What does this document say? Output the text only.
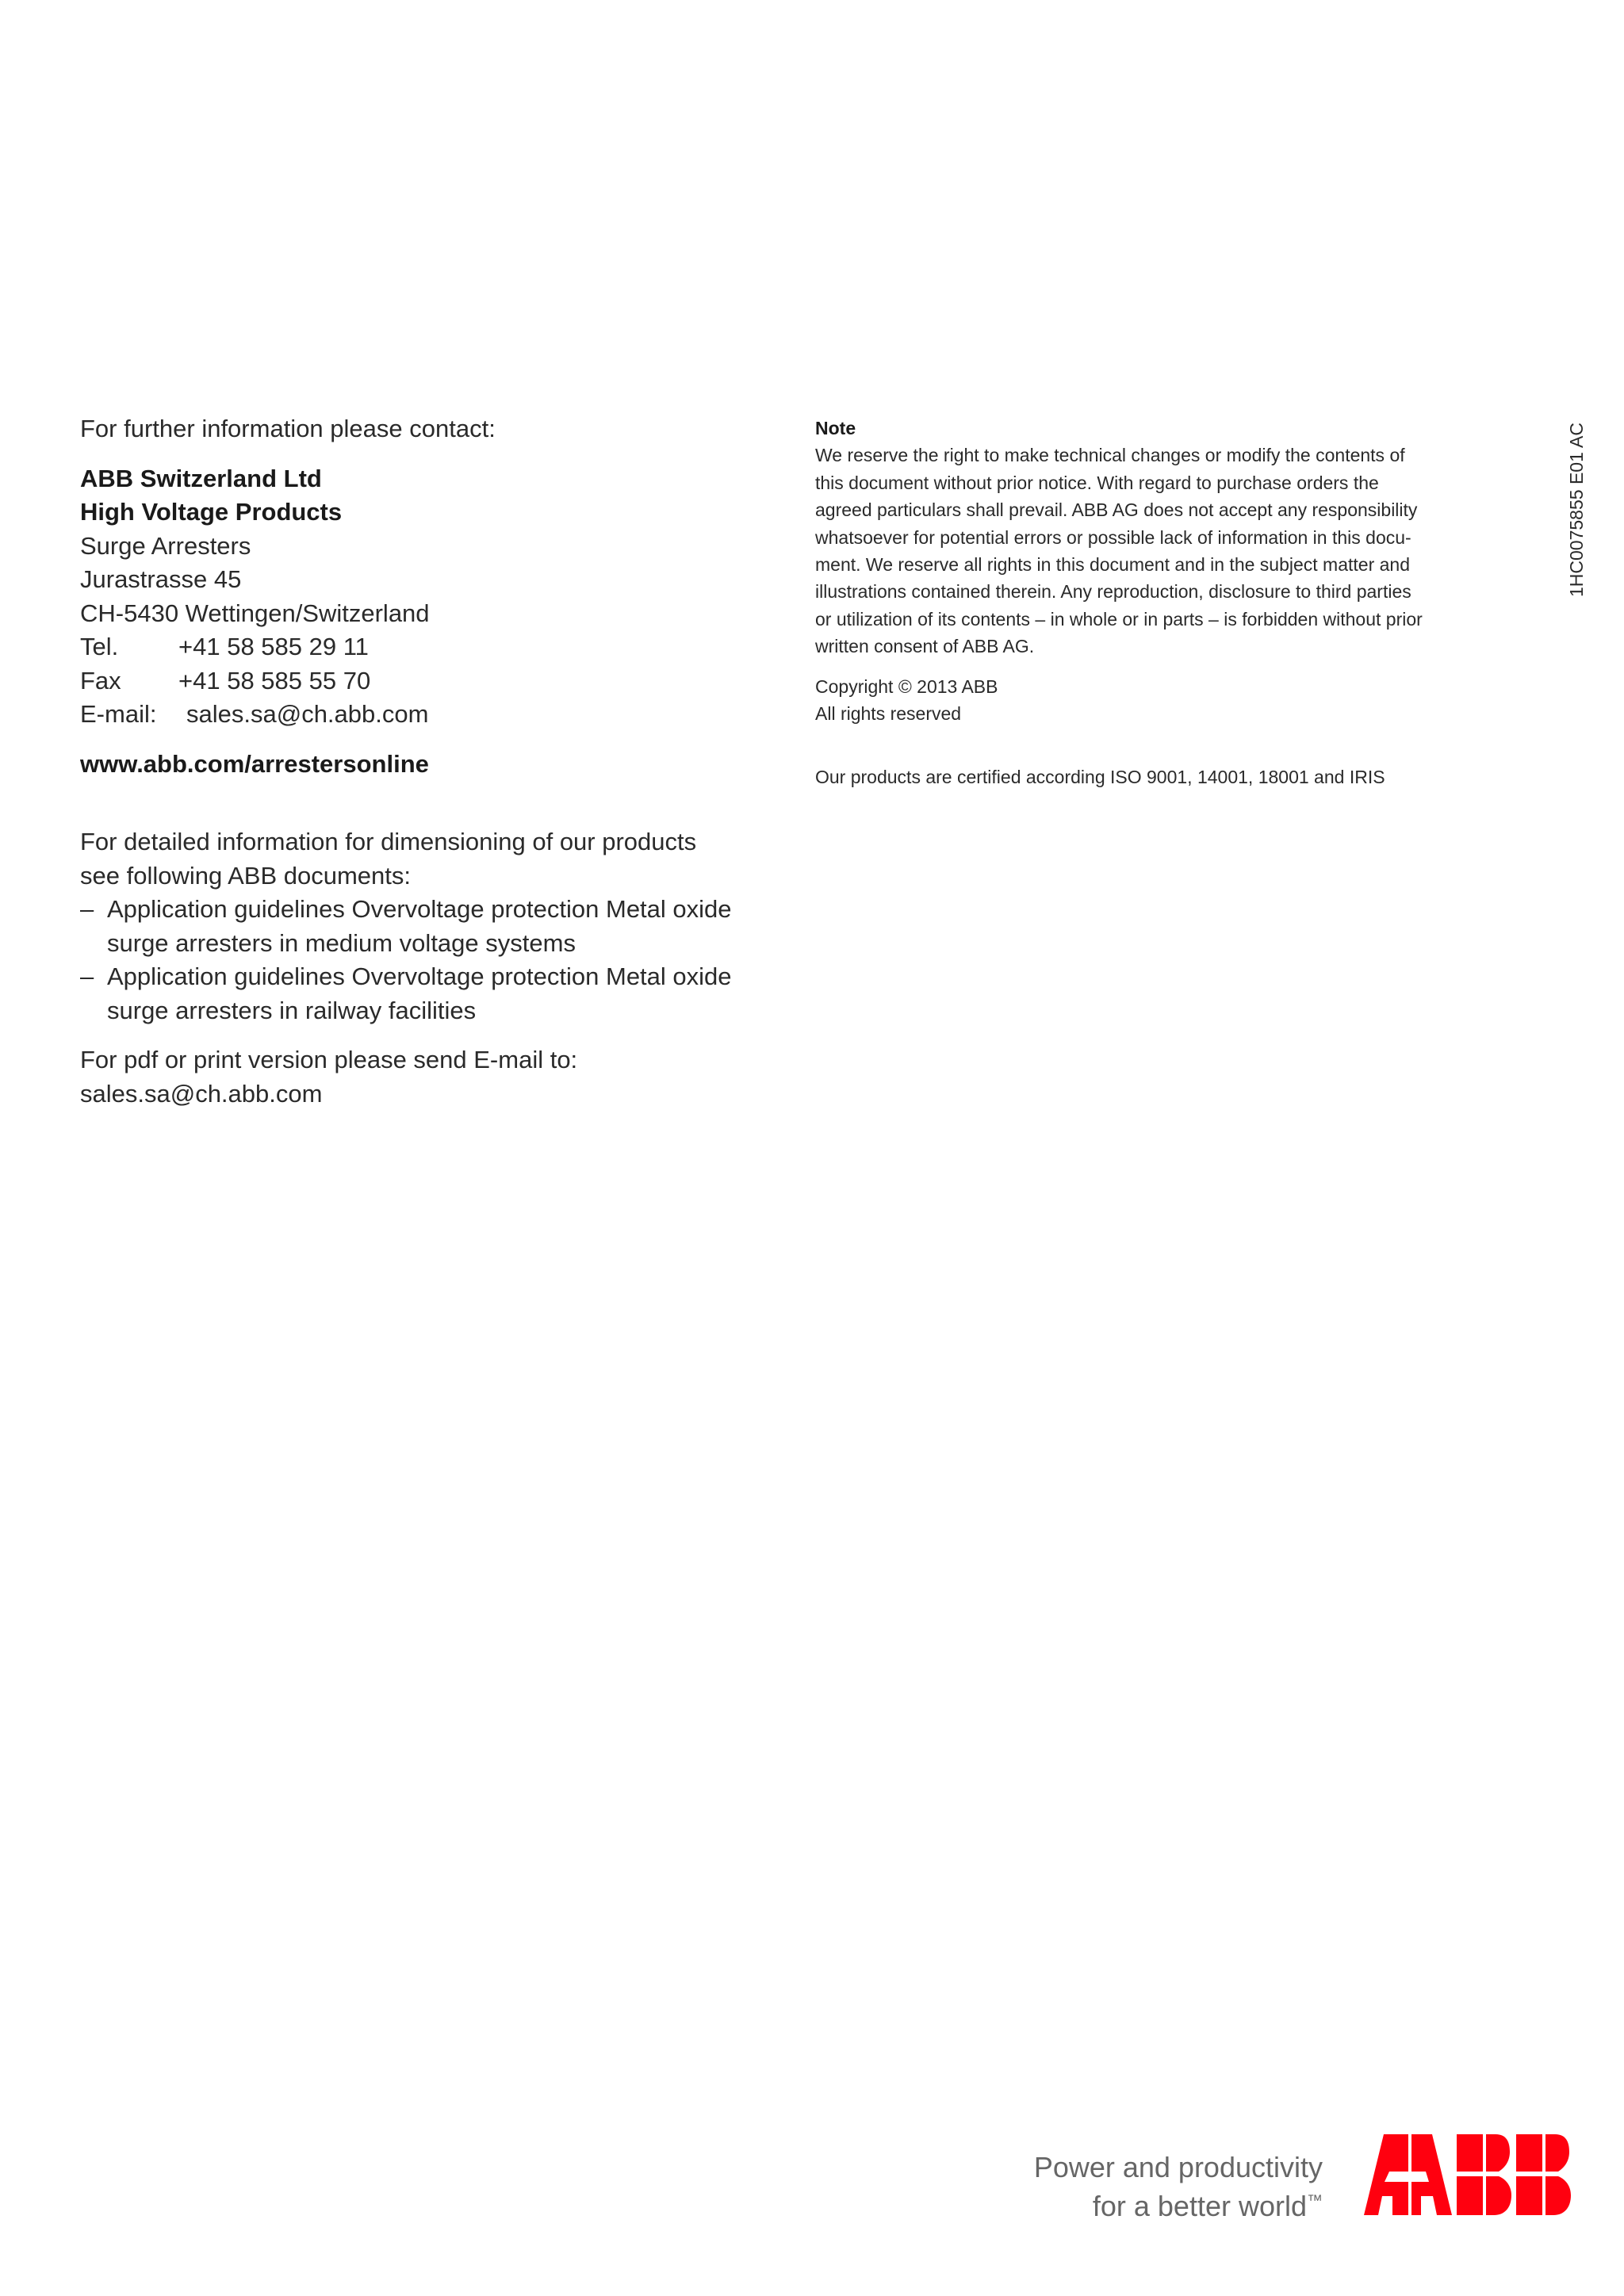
For further information please contact:

ABB Switzerland Ltd

High Voltage Products

Surge Arresters

Jurastrasse 45

CH-5430 Wettingen/Switzerland

Tel.	+41 58 585 29 11
Fax	+41 58 585 55 70
E-mail:	sales.sa@ch.abb.com

www.abb.com/arrestersonline

For detailed information for dimensioning of our products

see following ABB documents:

– Application guidelines Overvoltage protection Metal oxide
surge arresters in medium voltage systems
– Application guidelines Overvoltage protection Metal oxide
surge arresters in railway facilities

For pdf or print version please send E-mail to:

sales.sa@ch.abb.com

Note

We reserve the right to make technical changes or modify the contents of

this document without prior notice. With regard to purchase orders the

agreed particulars shall prevail. ABB AG does not accept any responsibility

whatsoever for potential errors or possible lack of information in this docu-

ment. We reserve all rights in this document and in the subject matter and

illustrations contained therein. Any reproduction, disclosure to third parties

or utilization of its contents – in whole or in parts – is forbidden without prior

written consent of ABB AG.

Copyright © 2013 ABB

All rights reserved

Our products are certified according ISO 9001, 14001, 18001 and IRIS

1HC0075855 E01 AC

Power and productivity

for a better world™
